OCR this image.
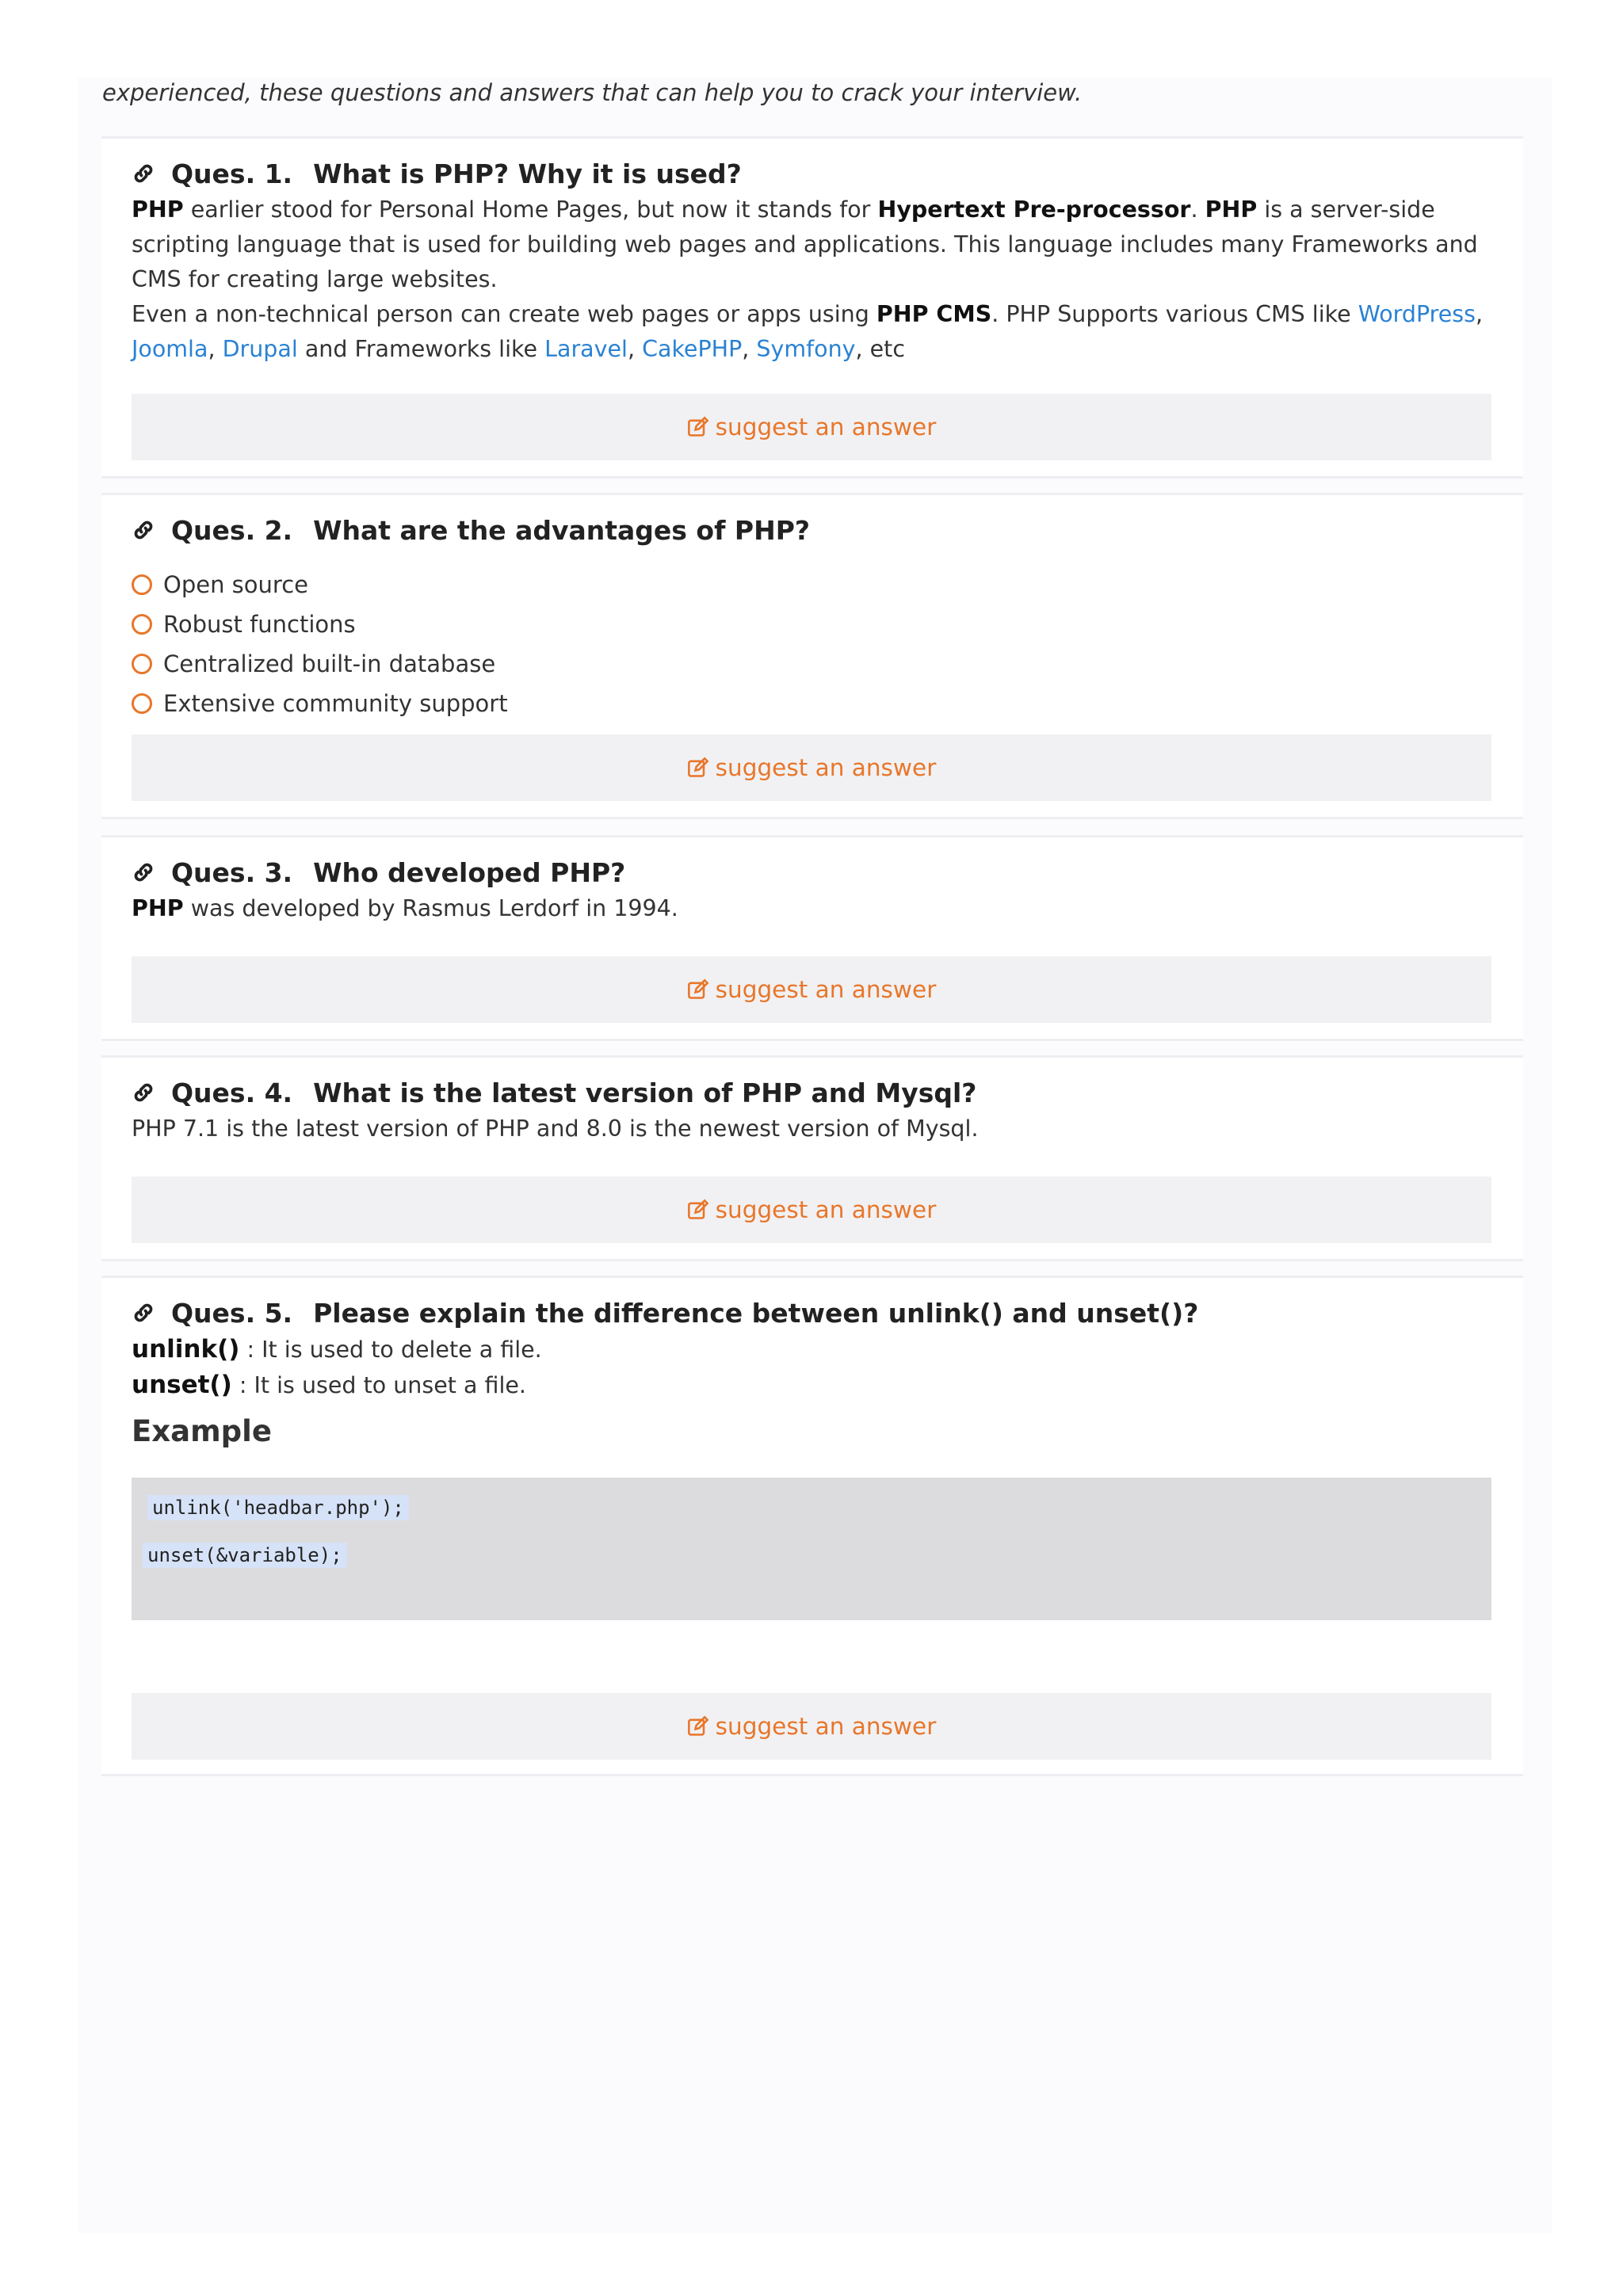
experienced, these questions and answers that can help you to crack your interview.
Ques. 1. What is PHP? Why it is used?
PHP earlier stood for Personal Home Pages, but now it stands for Hypertext Pre-processor. PHP is a server-side scripting language that is used for building web pages and applications. This language includes many Frameworks and CMS for creating large websites.
Even a non-technical person can create web pages or apps using PHP CMS. PHP Supports various CMS like WordPress, Joomla, Drupal and Frameworks like Laravel, CakePHP, Symfony, etc
suggest an answer
Ques. 2. What are the advantages of PHP?
Open source
Robust functions
Centralized built-in database
Extensive community support
suggest an answer
Ques. 3. Who developed PHP?
PHP was developed by Rasmus Lerdorf in 1994.
suggest an answer
Ques. 4. What is the latest version of PHP and Mysql?
PHP 7.1 is the latest version of PHP and 8.0 is the newest version of Mysql.
suggest an answer
Ques. 5. Please explain the difference between unlink() and unset()?
unlink() : It is used to delete a file.
unset() : It is used to unset a file.
Example
unlink('headbar.php');
unset(&variable);
suggest an answer
